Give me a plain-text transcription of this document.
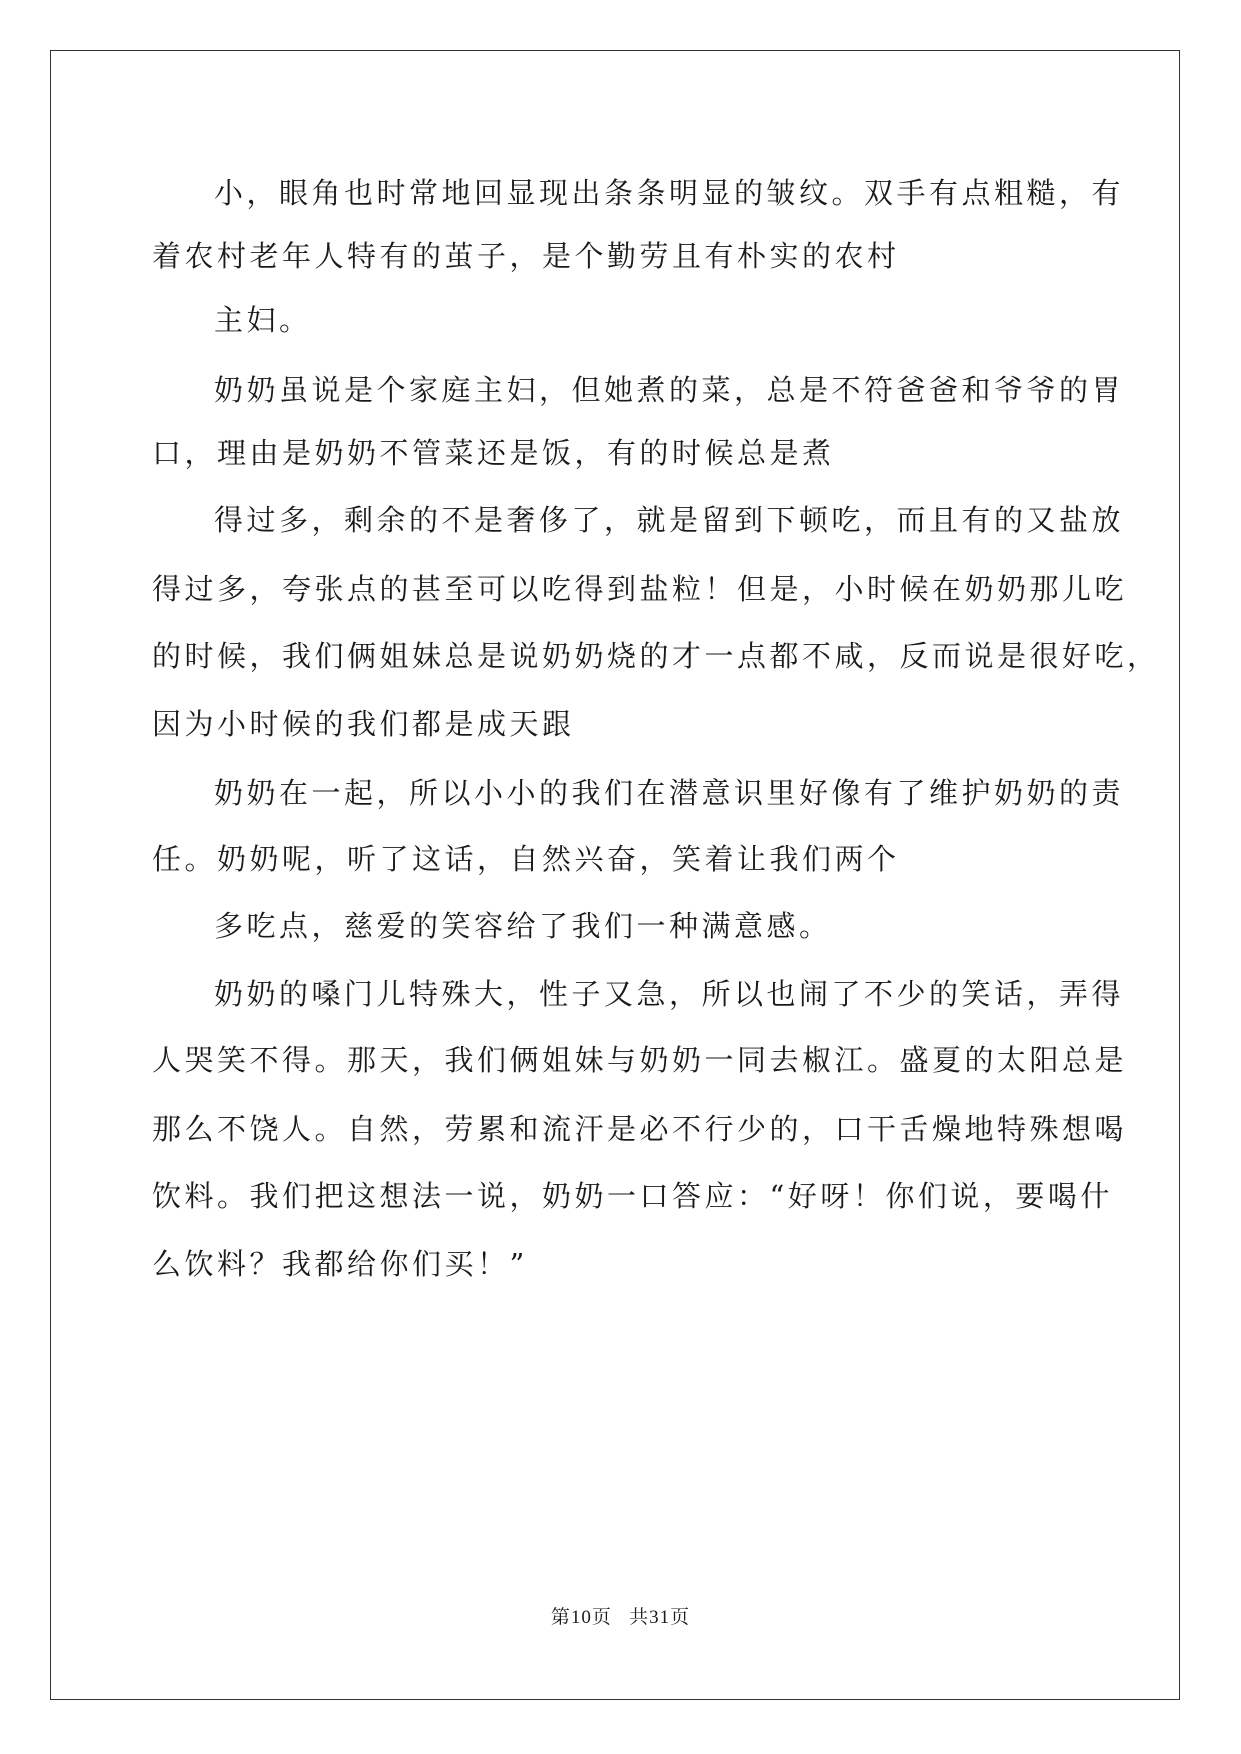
小，眼角也时常地回显现出条条明显的皱纹。双手有点粗糙，有
着农村老年人特有的茧子，是个勤劳且有朴实的农村
主妇。
奶奶虽说是个家庭主妇，但她煮的菜，总是不符爸爸和爷爷的胃
口，理由是奶奶不管菜还是饭，有的时候总是煮
得过多，剩余的不是奢侈了，就是留到下顿吃，而且有的又盐放
得过多，夸张点的甚至可以吃得到盐粒！但是，小时候在奶奶那儿吃
的时候，我们俩姐妹总是说奶奶烧的才一点都不咸，反而说是很好吃，
因为小时候的我们都是成天跟
奶奶在一起，所以小小的我们在潜意识里好像有了维护奶奶的责
任。奶奶呢，听了这话，自然兴奋，笑着让我们两个
多吃点，慈爱的笑容给了我们一种满意感。
奶奶的嗓门儿特殊大，性子又急，所以也闹了不少的笑话，弄得
人哭笑不得。那天，我们俩姐妹与奶奶一同去椒江。盛夏的太阳总是
那么不饶人。自然，劳累和流汗是必不行少的，口干舌燥地特殊想喝
饮料。我们把这想法一说，奶奶一口答应：“好呀！你们说，要喝什
么饮料？我都给你们买！”
第10页   共31页
